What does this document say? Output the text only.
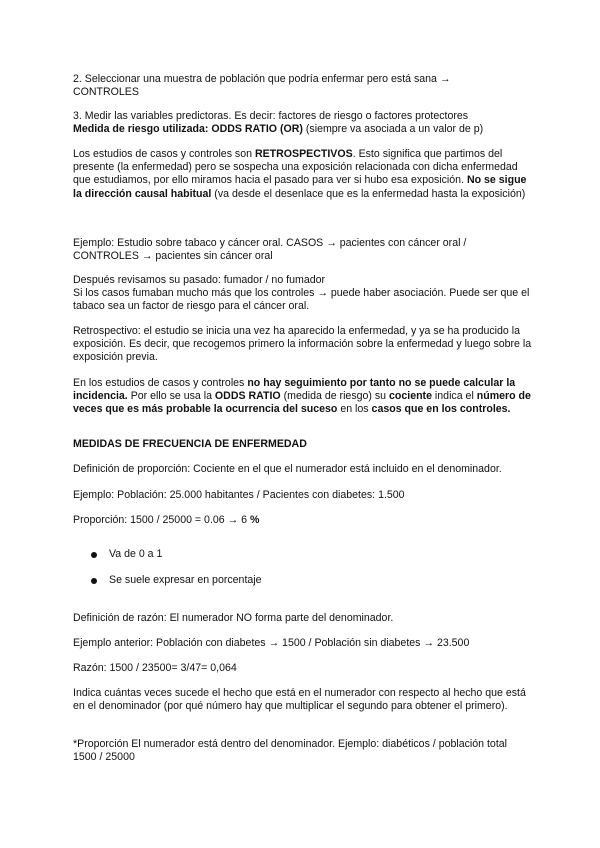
2. Seleccionar una muestra de población que podría enfermar pero está sana →
CONTROLES
3. Medir las variables predictoras. Es decir: factores de riesgo o factores protectores
Medida de riesgo utilizada: ODDS RATIO (OR) (siempre va asociada a un valor de p)
Los estudios de casos y controles son RETROSPECTIVOS. Esto significa que partimos del presente (la enfermedad) pero se sospecha una exposición relacionada con dicha enfermedad que estudiamos, por ello miramos hacia el pasado para ver si hubo esa exposición. No se sigue la dirección causal habitual (va desde el desenlace que es la enfermedad hasta la exposición)
Ejemplo: Estudio sobre tabaco y cáncer oral. CASOS → pacientes con cáncer oral /
CONTROLES → pacientes sin cáncer oral
Después revisamos su pasado: fumador / no fumador
Si los casos fumaban mucho más que los controles → puede haber asociación. Puede ser que el tabaco sea un factor de riesgo para el cáncer oral.
Retrospectivo: el estudio se inicia una vez ha aparecido la enfermedad, y ya se ha producido la exposición. Es decir, que recogemos primero la información sobre la enfermedad y luego sobre la exposición previa.
En los estudios de casos y controles no hay seguimiento por tanto no se puede calcular la incidencia. Por ello se usa la ODDS RATIO (medida de riesgo) su cociente indica el número de veces que es más probable la ocurrencia del suceso en los casos que en los controles.
MEDIDAS DE FRECUENCIA DE ENFERMEDAD
Definición de proporción: Cociente en el que el numerador está incluido en el denominador.
Ejemplo: Población: 25.000 habitantes / Pacientes con diabetes: 1.500
Proporción: 1500 / 25000 = 0.06 → 6 %
Va de 0 a 1
Se suele expresar en porcentaje
Definición de razón: El numerador NO forma parte del denominador.
Ejemplo anterior: Población con diabetes → 1500 / Población sin diabetes → 23.500
Razón: 1500 / 23500= 3/47= 0,064
Indica cuántas veces sucede el hecho que está en el numerador con respecto al hecho que está en el denominador (por qué número hay que multiplicar el segundo para obtener el primero).
*Proporción El numerador está dentro del denominador. Ejemplo: diabéticos / población total
1500 / 25000
